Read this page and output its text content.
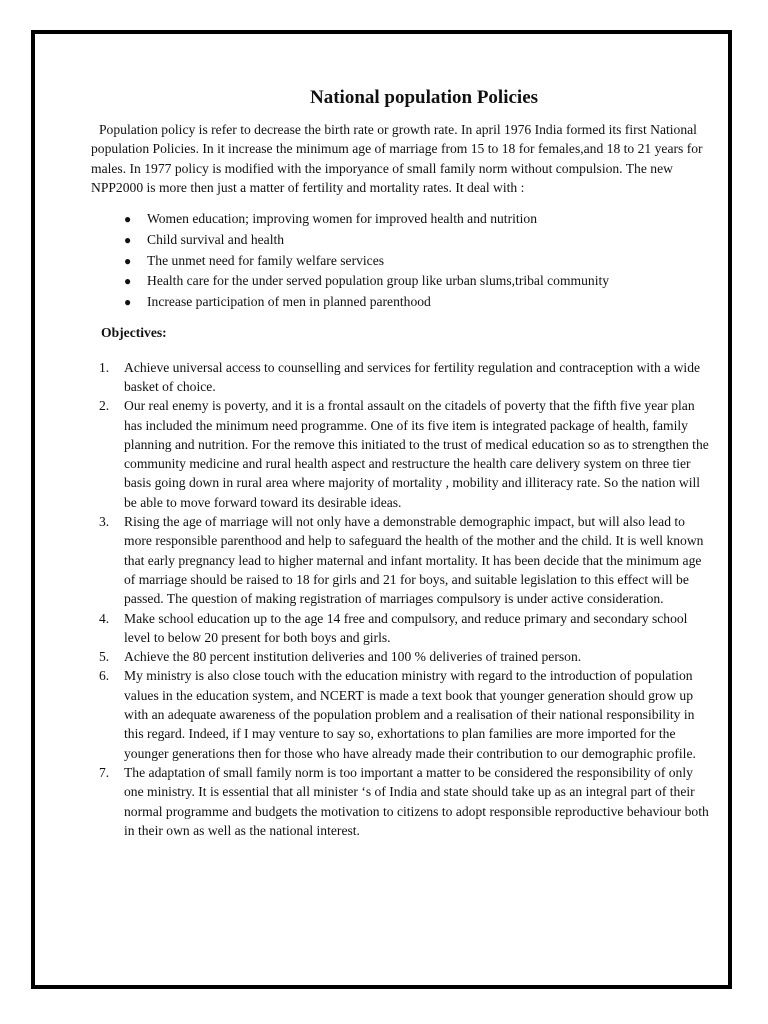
National population Policies

Population policy is refer to decrease the birth rate or growth rate. In april 1976 India formed its first National population Policies. In it increase the minimum age of marriage from 15 to 18 for females,and 18 to 21 years for males. In 1977 policy is modified with the imporyance of small family norm without compulsion. The new NPP2000 is more then just a matter of fertility and mortality rates. It deal with :

● Women education; improving women for improved health and nutrition
● Child survival and health
● The unmet need for family welfare services
● Health care for the under served population group like urban slums,tribal community
● Increase participation of men in planned parenthood
Objectives:
1. Achieve universal access to counselling and services for fertility regulation and contraception with a wide basket of choice.
2. Our real enemy is poverty, and it is a frontal assault on the citadels of poverty that the fifth five year plan has included the minimum need programme. One of its five item is integrated package of health, family planning and nutrition. For the remove this initiated to the trust of medical education so as to strengthen the community medicine and rural health aspect and restructure the health care delivery system on three tier basis going down in rural area where majority of mortality , mobility and illiteracy rate. So the nation will be able to move forward toward its desirable ideas.
3. Rising the age of marriage will not only have a demonstrable demographic impact, but will also lead to more responsible parenthood and help to safeguard the health of the mother and the child. It is well known that early pregnancy lead to higher maternal and infant mortality. It has been decide that the minimum age of marriage should be raised to 18 for girls and 21 for boys, and suitable legislation to this effect will be passed. The question of making registration of marriages compulsory is under active consideration.
4. Make school education up to the age 14 free and compulsory, and reduce primary and secondary school level to below 20 present for both boys and girls.
5. Achieve the 80 percent institution deliveries and 100 % deliveries of trained person.
6. My ministry is also close touch with the education ministry with regard to the introduction of population values in the education system, and NCERT is made a text book that younger generation should grow up with an adequate awareness of the population problem and a realisation of their national responsibility in this regard. Indeed, if I may venture to say so, exhortations to plan families are more imported for the younger generations then for those who have already made their contribution to our demographic profile.
7. The adaptation of small family norm is too important a matter to be considered the responsibility of only one ministry. It is essential that all minister ‘s of India and state should take up as an integral part of their normal programme and budgets the motivation to citizens to adopt responsible reproductive behaviour both in their own as well as the national interest.
